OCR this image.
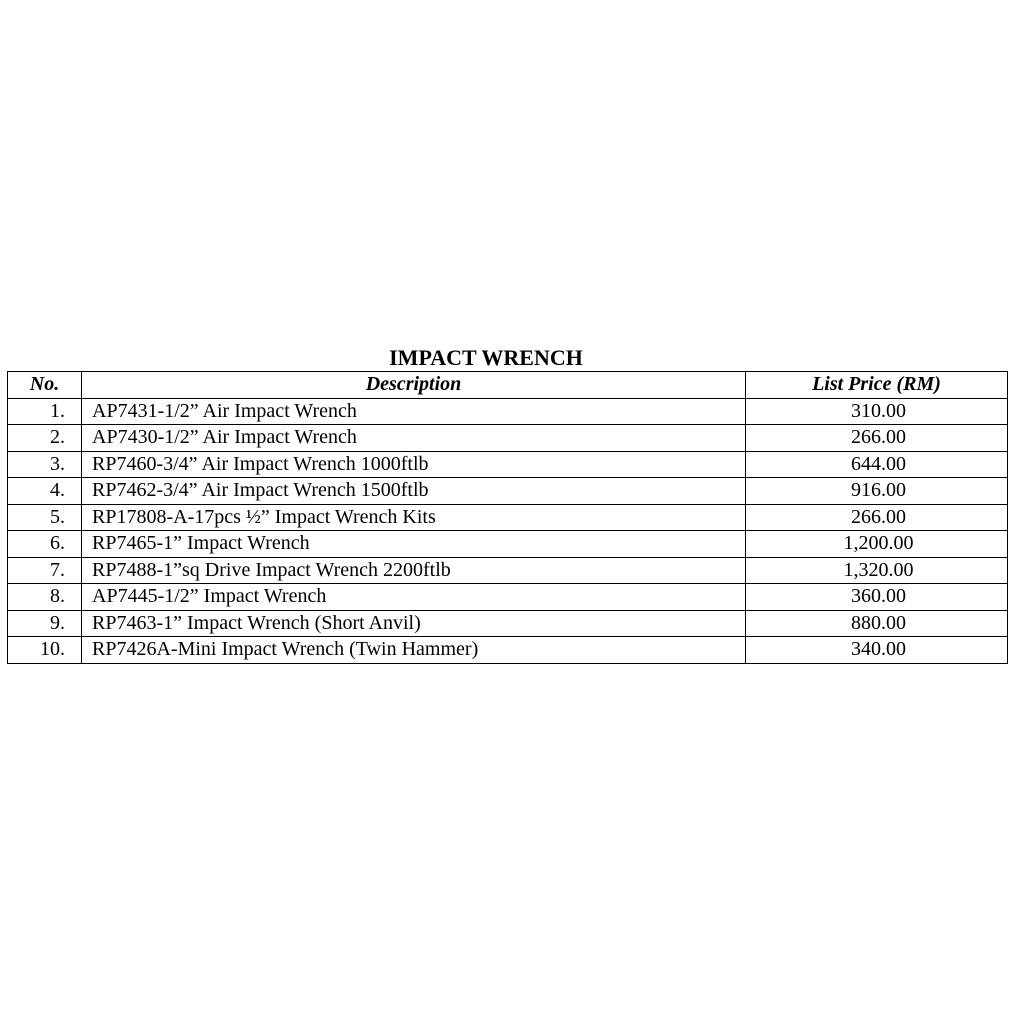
IMPACT WRENCH
No.	Description	List Price (RM)
1.	AP7431-1/2” Air Impact Wrench	310.00
2.	AP7430-1/2” Air Impact Wrench	266.00
3.	RP7460-3/4” Air Impact Wrench 1000ftlb	644.00
4.	RP7462-3/4” Air Impact Wrench 1500ftlb	916.00
5.	RP17808-A-17pcs ½” Impact Wrench Kits	266.00
6.	RP7465-1” Impact Wrench	1,200.00
7.	RP7488-1”sq Drive Impact Wrench 2200ftlb	1,320.00
8.	AP7445-1/2” Impact Wrench	360.00
9.	RP7463-1” Impact Wrench (Short Anvil)	880.00
10.	RP7426A-Mini Impact Wrench (Twin Hammer)	340.00
